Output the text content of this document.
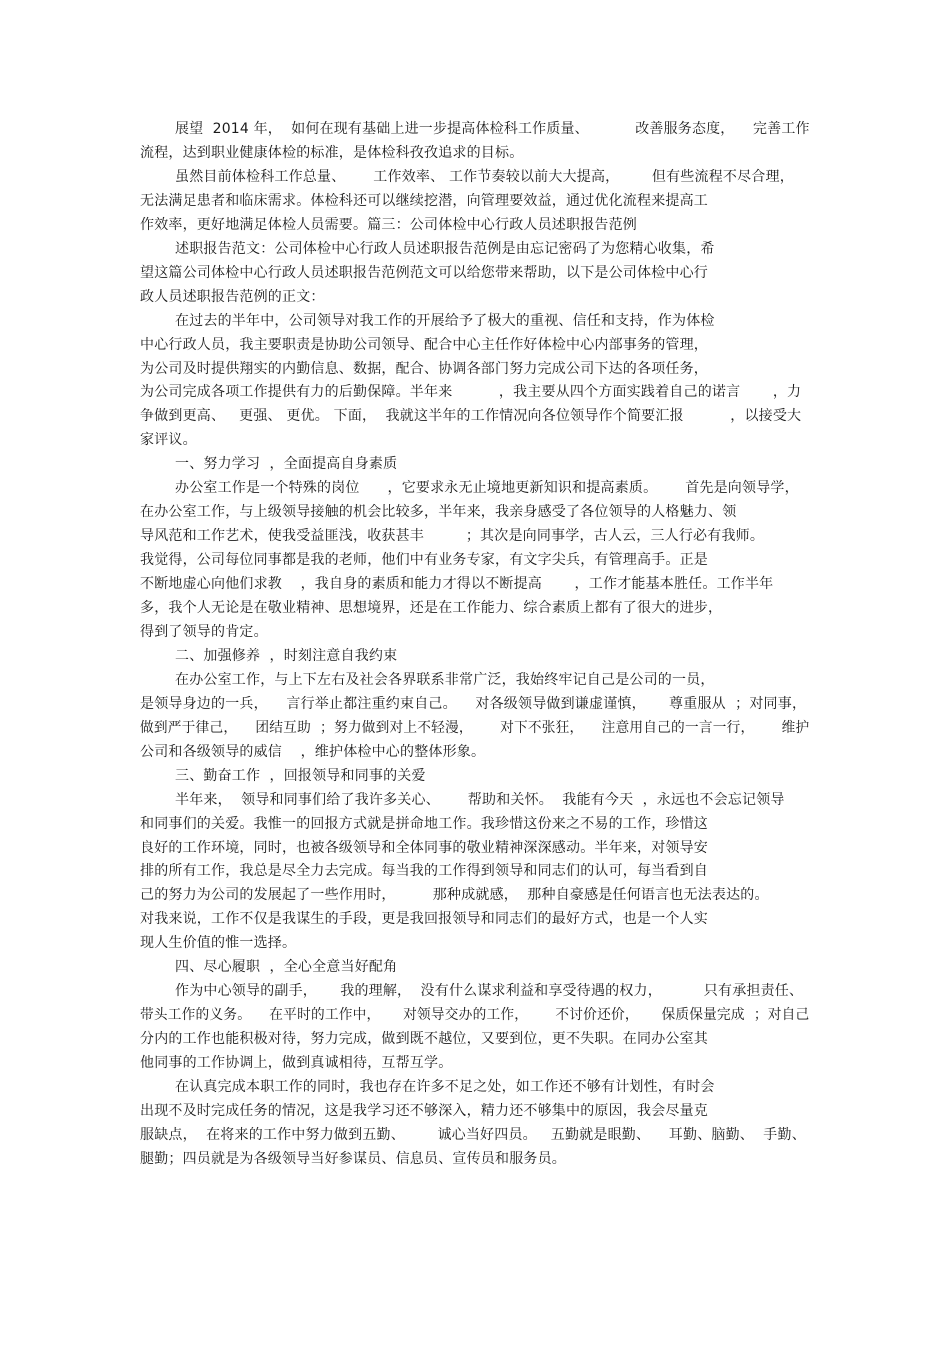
展望  2014 年，  如何在现有基础上进一步提高体检科工作质量、          改善服务态度，    完善工作
流程，达到职业健康体检的标准，是体检科孜孜追求的目标。
虽然目前体检科工作总量、      工作效率、 工作节奏较以前大大提高，       但有些流程不尽合理，
无法满足患者和临床需求。体检科还可以继续挖潜，向管理要效益，通过优化流程来提高工
作效率，更好地满足体检人员需要。篇三：公司体检中心行政人员述职报告范例
述职报告范文：公司体检中心行政人员述职报告范例是由忘记密码了为您精心收集，希
望这篇公司体检中心行政人员述职报告范例范文可以给您带来帮助，以下是公司体检中心行
政人员述职报告范例的正文：
在过去的半年中，公司领导对我工作的开展给予了极大的重视、信任和支持，作为体检
中心行政人员，我主要职责是协助公司领导、配合中心主任作好体检中心内部事务的管理，
为公司及时提供翔实的内勤信息、数据，配合、协调各部门努力完成公司下达的各项任务，
为公司完成各项工作提供有力的后勤保障。半年来          ，我主要从四个方面实践着自己的诺言       ，力
争做到更高、   更强、 更优。 下面，  我就这半年的工作情况向各位领导作个简要汇报          ，以接受大
家评议。
一、努力学习  ，全面提高自身素质
办公室工作是一个特殊的岗位      ，它要求永无止境地更新知识和提高素质。      首先是向领导学，
在办公室工作，与上级领导接触的机会比较多，半年来，我亲身感受了各位领导的人格魅力、领
导风范和工作艺术，使我受益匪浅，收获甚丰         ；其次是向同事学，古人云，三人行必有我师。
我觉得，公司每位同事都是我的老师，他们中有业务专家，有文字尖兵，有管理高手。正是
不断地虚心向他们求教    ，我自身的素质和能力才得以不断提高       ，工作才能基本胜任。工作半年
多，我个人无论是在敬业精神、思想境界，还是在工作能力、综合素质上都有了很大的进步，
得到了领导的肯定。
二、加强修养  ，时刻注意自我约束
在办公室工作，与上下左右及社会各界联系非常广泛，我始终牢记自己是公司的一员，
是领导身边的一兵，    言行举止都注重约束自己。    对各级领导做到谦虚谨慎，     尊重服从  ；对同事，
做到严于律己，    团结互助  ；努力做到对上不轻漫，      对下不张狂，    注意用自己的一言一行，      维护
公司和各级领导的威信    ，维护体检中心的整体形象。
三、勤奋工作  ，回报领导和同事的关爱
半年来，  领导和同事们给了我许多关心、      帮助和关怀。  我能有今天  ，永远也不会忘记领导
和同事们的关爱。我惟一的回报方式就是拼命地工作。我珍惜这份来之不易的工作，珍惜这
良好的工作环境，同时，也被各级领导和全体同事的敬业精神深深感动。半年来，对领导安
排的所有工作，我总是尽全力去完成。每当我的工作得到领导和同志们的认可，每当看到自
己的努力为公司的发展起了一些作用时，        那种成就感，  那种自豪感是任何语言也无法表达的。
对我来说，工作不仅是我谋生的手段，更是我回报领导和同志们的最好方式，也是一个人实
现人生价值的惟一选择。
四、尽心履职  ，全心全意当好配角
作为中心领导的副手，     我的理解，  没有什么谋求利益和享受待遇的权力，         只有承担责任、
带头工作的义务。    在平时的工作中，     对领导交办的工作，      不讨价还价，     保质保量完成  ；对自己
分内的工作也能积极对待，努力完成，做到既不越位，又要到位，更不失职。在同办公室其
他同事的工作协调上，做到真诚相待，互帮互学。
在认真完成本职工作的同时，我也存在许多不足之处，如工作还不够有计划性，有时会
出现不及时完成任务的情况，这是我学习还不够深入，精力还不够集中的原因，我会尽量克
服缺点，  在将来的工作中努力做到五勤、       诚心当好四员。   五勤就是眼勤、    耳勤、脑勤、  手勤、
腿勤；四员就是为各级领导当好参谋员、信息员、宣传员和服务员。
